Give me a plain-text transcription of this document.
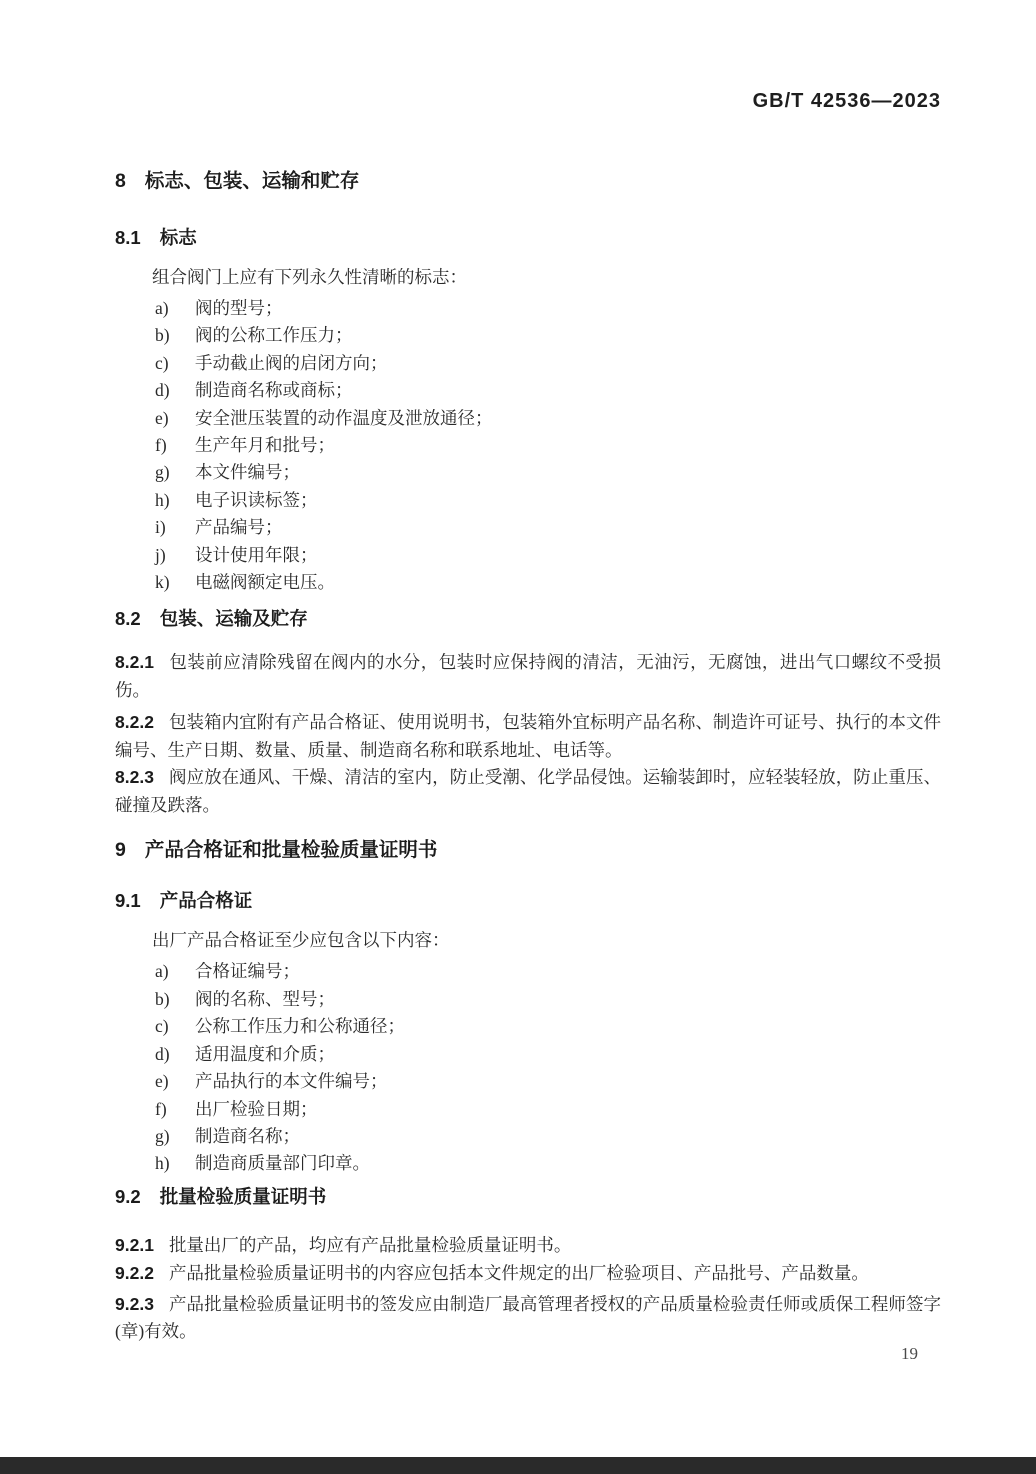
GB/T 42536—2023
8 标志、包装、运输和贮存
8.1 标志

组合阀门上应有下列永久性清晰的标志：

a) 阀的型号；
b) 阀的公称工作压力；
c) 手动截止阀的启闭方向；
d) 制造商名称或商标；
e) 安全泄压装置的动作温度及泄放通径；
f) 生产年月和批号；
g) 本文件编号；
h) 电子识读标签；
i) 产品编号；
j) 设计使用年限；
k) 电磁阀额定电压。
8.2 包装、运输及贮存

8.2.1 包装前应清除残留在阀内的水分，包装时应保持阀的清洁，无油污，无腐蚀，进出气口螺纹不受损伤。

8.2.2 包装箱内宜附有产品合格证、使用说明书，包装箱外宜标明产品名称、制造许可证号、执行的本文件编号、生产日期、数量、质量、制造商名称和联系地址、电话等。

8.2.3 阀应放在通风、干燥、清洁的室内，防止受潮、化学品侵蚀。运输装卸时，应轻装轻放，防止重压、碰撞及跌落。

9 产品合格证和批量检验质量证明书
9.1 产品合格证

出厂产品合格证至少应包含以下内容：

a) 合格证编号；
b) 阀的名称、型号；
c) 公称工作压力和公称通径；
d) 适用温度和介质；
e) 产品执行的本文件编号；
f) 出厂检验日期；
g) 制造商名称；
h) 制造商质量部门印章。
9.2 批量检验质量证明书

9.2.1 批量出厂的产品，均应有产品批量检验质量证明书。

9.2.2 产品批量检验质量证明书的内容应包括本文件规定的出厂检验项目、产品批号、产品数量。

9.2.3 产品批量检验质量证明书的签发应由制造厂最高管理者授权的产品质量检验责任师或质保工程师签字(章)有效。

19
